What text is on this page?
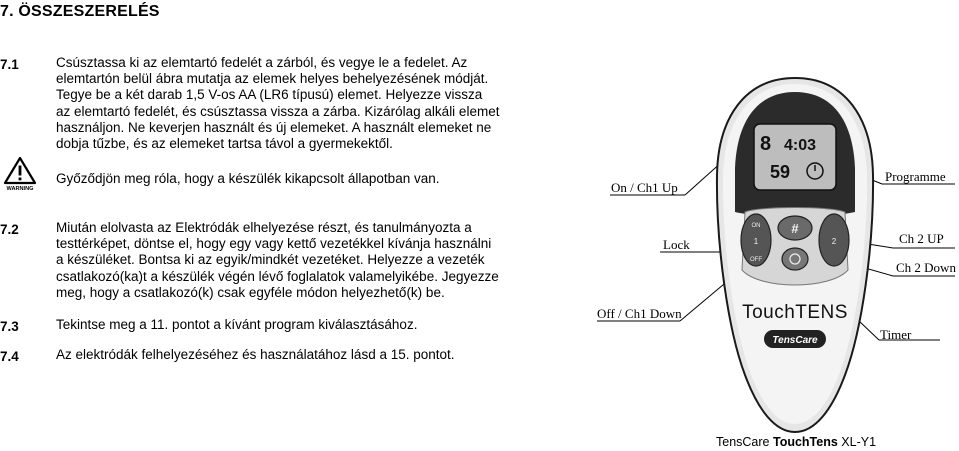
7. ÖSSZESZERELÉS
7.1	Csúsztassa ki az elemtartó fedelét a zárból, és vegye le a fedelet. Az
elemtartón belül ábra mutatja az elemek helyes behelyezésének módját.
Tegye be a két darab 1,5 V-os AA (LR6 típusú) elemet. Helyezze vissza
az elemtartó fedelét, és csúsztassa vissza a zárba. Kizárólag alkáli elemet
használjon. Ne keverjen használt és új elemeket. A használt elemeket ne
dobja tűzbe, és az elemeket tartsa távol a gyermekektől.
WARNING
Győződjön meg róla, hogy a készülék kikapcsolt állapotban van.
7.2	Miután elolvasta az Elektródák elhelyezése részt, és tanulmányozta a
testtérképet, döntse el, hogy egy vagy kettő vezetékkel kívánja használni
a készüléket. Bontsa ki az egyik/mindkét vezetéket. Helyezze a vezeték
csatlakozó(ka)t a készülék végén lévő foglalatok valamelyikébe. Jegyezze
meg, hogy a csatlakozó(k) csak egyféle módon helyezhető(k) be.
7.3	Tekintse meg a 11. pontot a kívánt program kiválasztásához.
7.4	Az elektródák felhelyezéséhez és használatához lásd a 15. pontot.
8 4:03
59
ON
1
OFF
2
#
TouchTENS
TensCare
On / Ch1 Up
Programme
Lock	Ch 2 UP
Ch 2 Down
Off / Ch1 Down
Timer
TensCare TouchTens XL-Y1
